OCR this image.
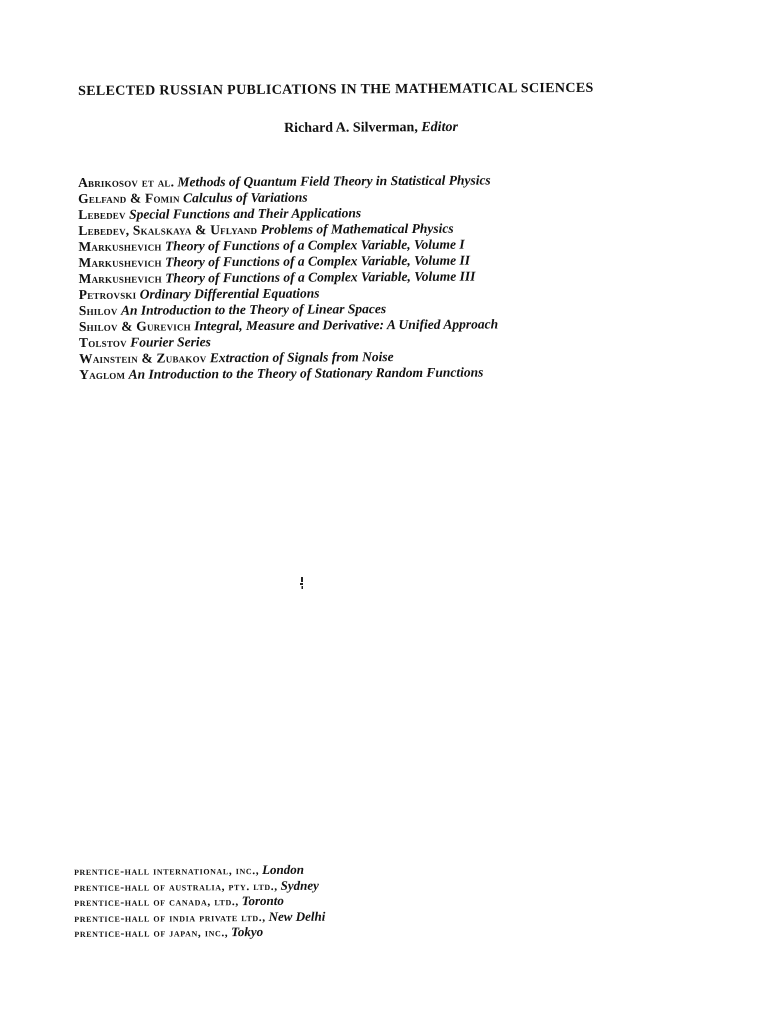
SELECTED RUSSIAN PUBLICATIONS IN THE MATHEMATICAL SCIENCES
Richard A. Silverman, Editor
Abrikosov et al. Methods of Quantum Field Theory in Statistical Physics
Gelfand & Fomin Calculus of Variations
Lebedev Special Functions and Their Applications
Lebedev, Skalskaya & Uflyand Problems of Mathematical Physics
Markushevich Theory of Functions of a Complex Variable, Volume I
Markushevich Theory of Functions of a Complex Variable, Volume II
Markushevich Theory of Functions of a Complex Variable, Volume III
Petrovski Ordinary Differential Equations
Shilov An Introduction to the Theory of Linear Spaces
Shilov & Gurevich Integral, Measure and Derivative: A Unified Approach
Tolstov Fourier Series
Wainstein & Zubakov Extraction of Signals from Noise
Yaglom An Introduction to the Theory of Stationary Random Functions
prentice-hall international, inc., London
prentice-hall of australia, pty. ltd., Sydney
prentice-hall of canada, ltd., Toronto
prentice-hall of india private ltd., New Delhi
prentice-hall of japan, inc., Tokyo
